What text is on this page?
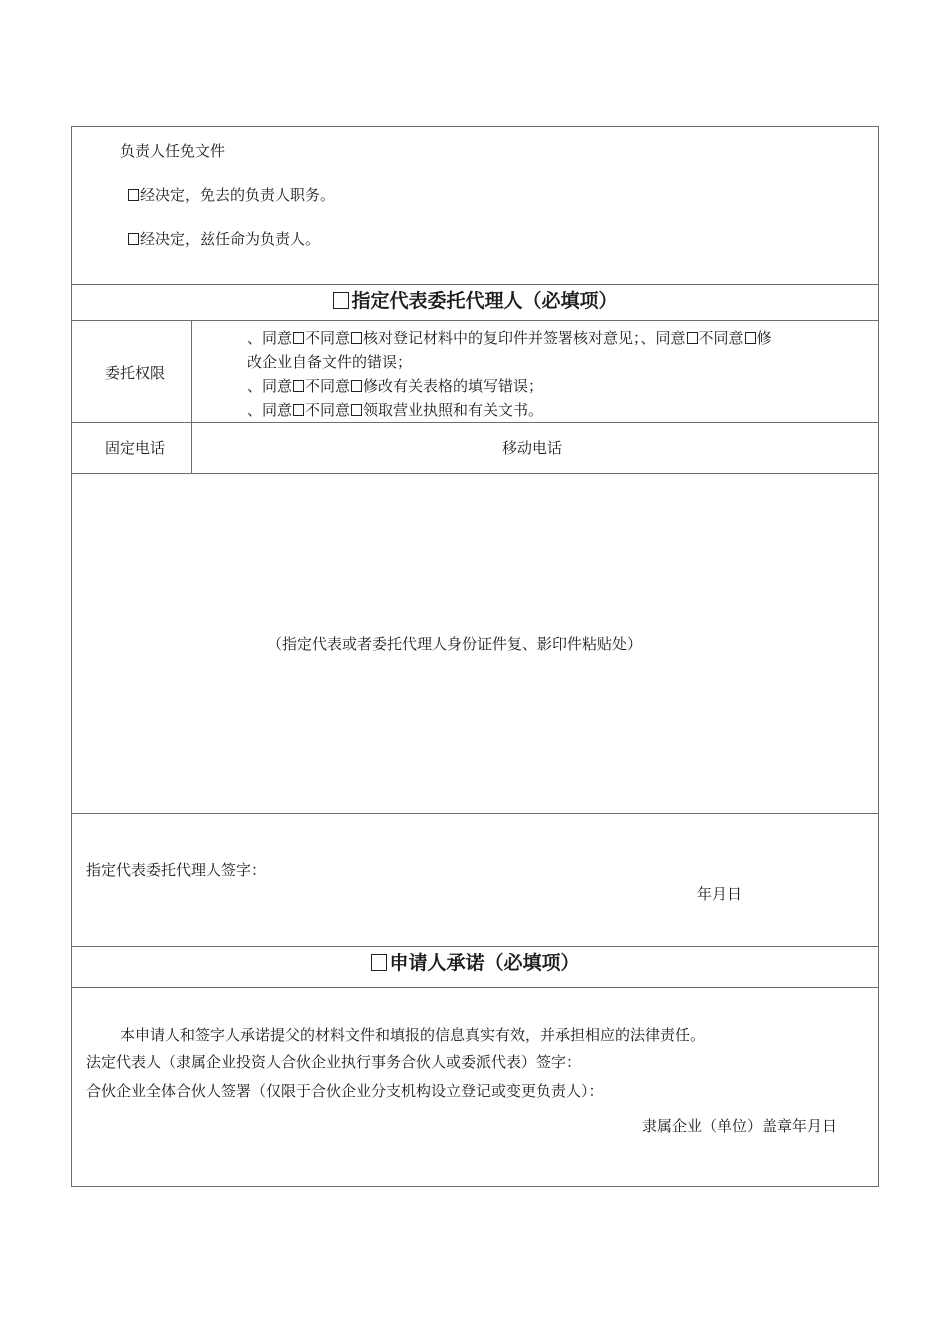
负责人任免文件
经决定，免去的负责人职务。
经决定，兹任命为负责人。
指定代表委托代理人（必填项）
委托权限
、同意 不同意 核对登记材料中的复印件并签署核对意见；、同意 不同意 修
改企业自备文件的错误；
、同意 不同意 修改有关表格的填写错误；
、同意 不同意 领取营业执照和有关文书。
固定电话	移动电话
（指定代表或者委托代理人身份证件复、影印件粘贴处）
指定代表委托代理人签字：
年月日
申请人承诺（必填项）
本申请人和签字人承诺提父的材料文件和填报的信息真实有效，并承担相应的法律责任。
法定代表人（隶属企业投资人合伙企业执行事务合伙人或委派代表）签字：
合伙企业全体合伙人签署（仅限于合伙企业分支机构设立登记或变更负责人）：
隶属企业（单位）盖章年月日
